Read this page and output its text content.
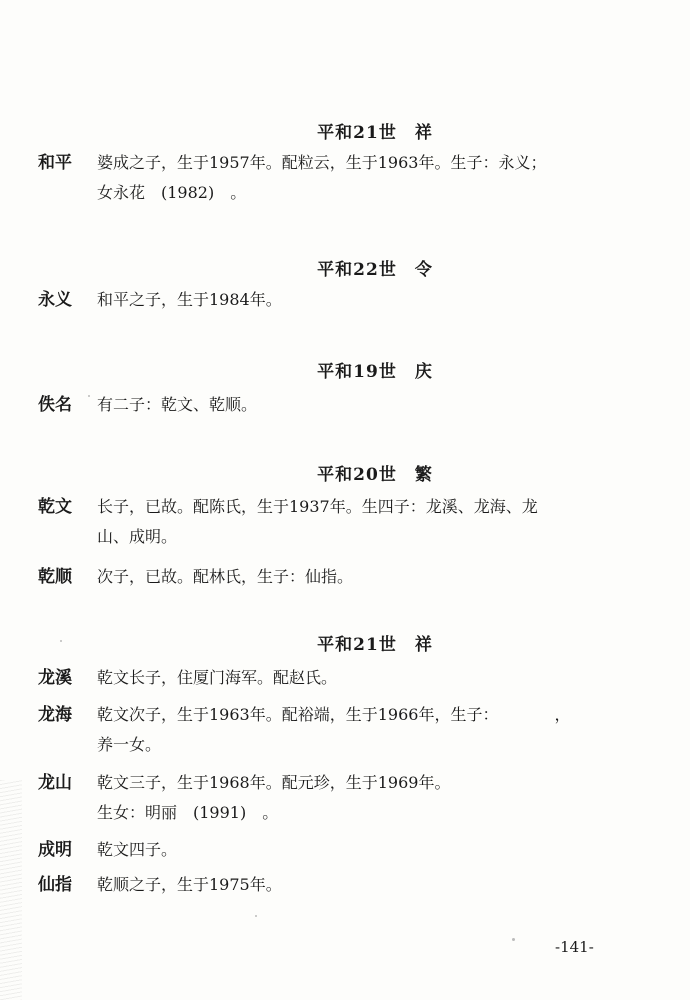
平和21世　祥
和平	婆成之子，生于1957年。配粒云，生于1963年。生子：永义；
女永花　(1982)　。
平和22世　令
永义	和平之子，生于1984年。
平和19世　庆
佚名	有二子：乾文、乾顺。
平和20世　繁
乾文	长子，已故。配陈氏，生于1937年。生四子：龙溪、龙海、龙
山、成明。
乾顺	次子，已故。配林氏，生子：仙指。
平和21世　祥
龙溪	乾文长子，住厦门海军。配赵氏。
龙海	乾文次子，生于1963年。配裕端，生于1966年，生子：　　　　，
养一女。
龙山	乾文三子，生于1968年。配元珍，生于1969年。
生女：明丽　(1991)　。
成明	乾文四子。
仙指	乾顺之子，生于1975年。
-141-
